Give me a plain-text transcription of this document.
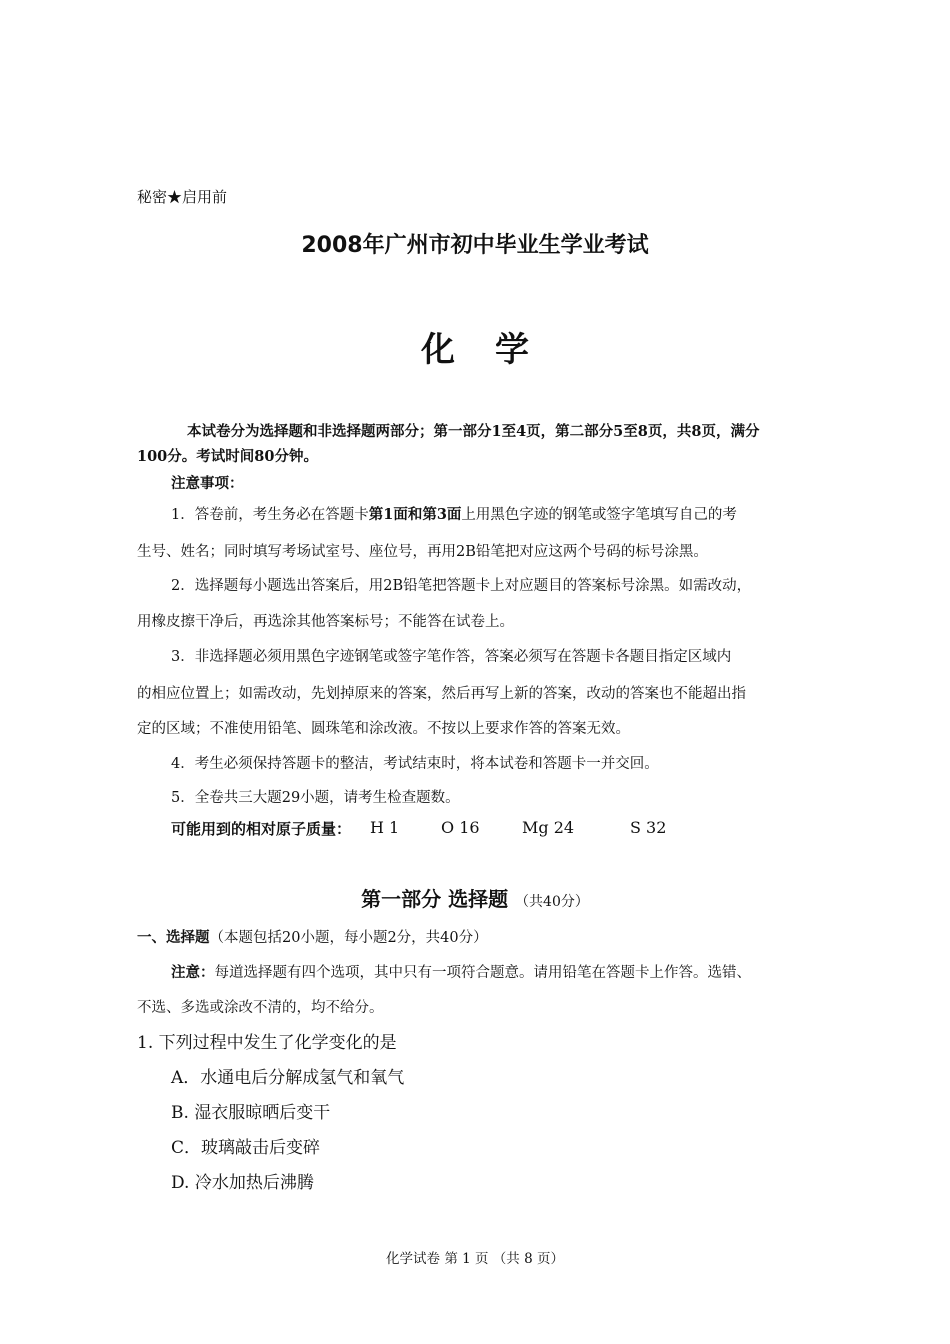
秘密★启用前
2008年广州市初中毕业生学业考试
化学
本试卷分为选择题和非选择题两部分；第一部分1至4页，第二部分5至8页，共8页，满分
100分。考试时间80分钟。
注意事项：
1．答卷前，考生务必在答题卡第1面和第3面上用黑色字迹的钢笔或签字笔填写自己的考
生号、姓名；同时填写考场试室号、座位号，再用2B铅笔把对应这两个号码的标号涂黑。
2．选择题每小题选出答案后，用2B铅笔把答题卡上对应题目的答案标号涂黑。如需改动，
用橡皮擦干净后，再选涂其他答案标号；不能答在试卷上。
3．非选择题必须用黑色字迹钢笔或签字笔作答，答案必须写在答题卡各题目指定区域内
的相应位置上；如需改动，先划掉原来的答案，然后再写上新的答案，改动的答案也不能超出指
定的区域；不准使用铅笔、圆珠笔和涂改液。不按以上要求作答的答案无效。
4．考生必须保持答题卡的整洁，考试结束时，将本试卷和答题卡一并交回。
5．全卷共三大题29小题，请考生检查题数。
可能用到的相对原子质量： H 1	O 16	Mg 24	S 32
第一部分 选择题 （共40分）
一、选择题（本题包括20小题，每小题2分，共40分）
注意：每道选择题有四个选项，其中只有一项符合题意。请用铅笔在答题卡上作答。选错、
不选、多选或涂改不清的，均不给分。
1. 下列过程中发生了化学变化的是
A．水通电后分解成氢气和氧气
B. 湿衣服晾晒后变干
C．玻璃敲击后变碎
D. 冷水加热后沸腾
化学试卷 第 1 页 （共 8 页）
